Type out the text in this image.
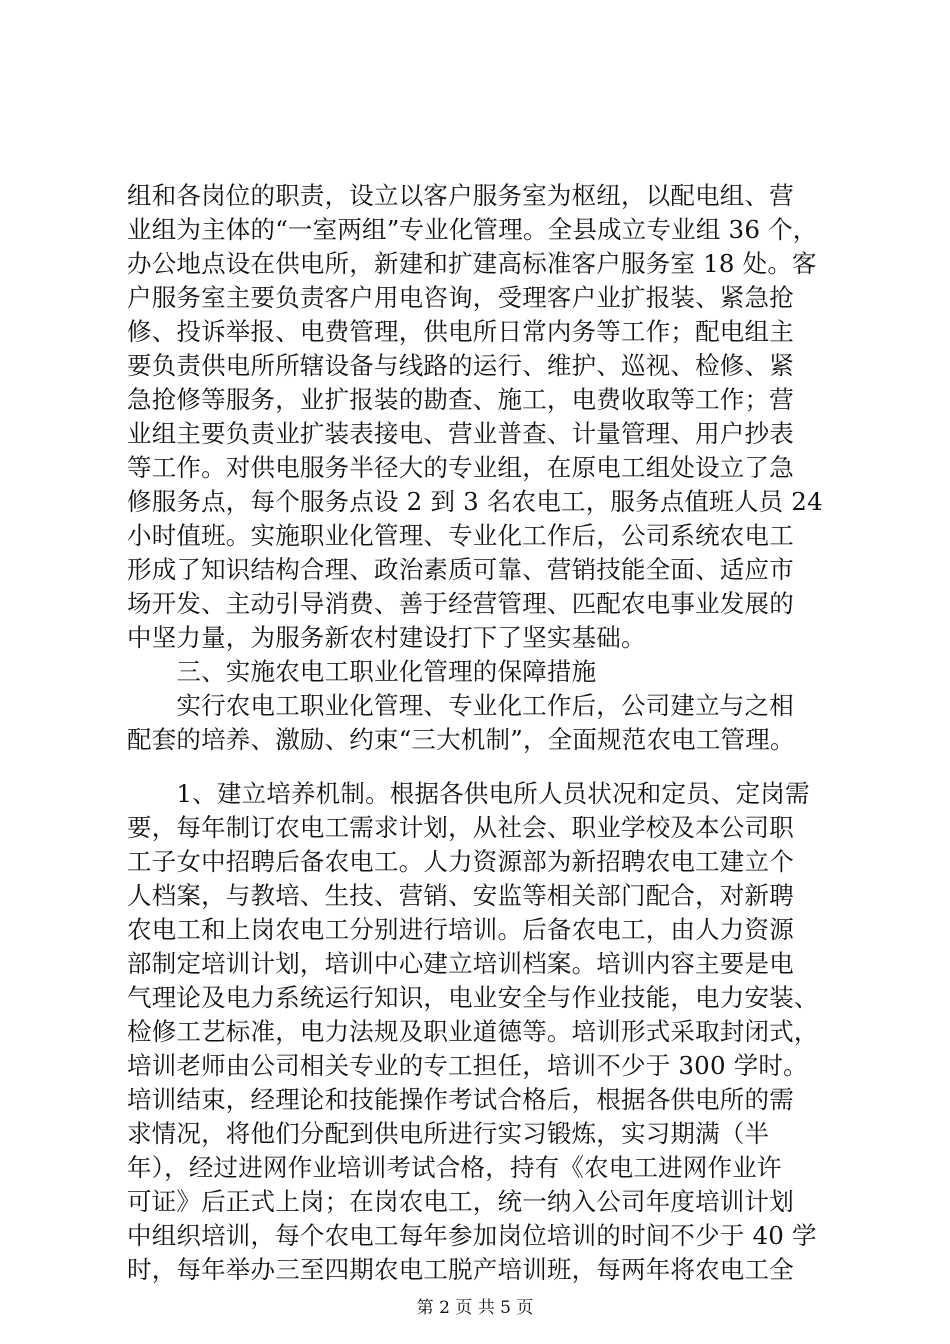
组和各岗位的职责，设立以客户服务室为枢纽，以配电组、营
业组为主体的“一室两组”专业化管理。全县成立专业组 36 个，
办公地点设在供电所，新建和扩建高标准客户服务室 18 处。客
户服务室主要负责客户用电咨询，受理客户业扩报装、紧急抢
修、投诉举报、电费管理，供电所日常内务等工作；配电组主
要负责供电所所辖设备与线路的运行、维护、巡视、检修、紧
急抢修等服务，业扩报装的勘查、施工，电费收取等工作；营
业组主要负责业扩装表接电、营业普查、计量管理、用户抄表
等工作。对供电服务半径大的专业组，在原电工组处设立了急
修服务点，每个服务点设 2 到 3 名农电工，服务点值班人员 24
小时值班。实施职业化管理、专业化工作后，公司系统农电工
形成了知识结构合理、政治素质可靠、营销技能全面、适应市
场开发、主动引导消费、善于经营管理、匹配农电事业发展的
中坚力量，为服务新农村建设打下了坚实基础。
　　三、实施农电工职业化管理的保障措施
　　实行农电工职业化管理、专业化工作后，公司建立与之相
配套的培养、激励、约束“三大机制”，全面规范农电工管理。
　　1、建立培养机制。根据各供电所人员状况和定员、定岗需
要，每年制订农电工需求计划，从社会、职业学校及本公司职
工子女中招聘后备农电工。人力资源部为新招聘农电工建立个
人档案，与教培、生技、营销、安监等相关部门配合，对新聘
农电工和上岗农电工分别进行培训。后备农电工，由人力资源
部制定培训计划，培训中心建立培训档案。培训内容主要是电
气理论及电力系统运行知识，电业安全与作业技能，电力安装、
检修工艺标准，电力法规及职业道德等。培训形式采取封闭式，
培训老师由公司相关专业的专工担任，培训不少于 300 学时。
培训结束，经理论和技能操作考试合格后，根据各供电所的需
求情况，将他们分配到供电所进行实习锻炼，实习期满（半
年），经过进网作业培训考试合格，持有《农电工进网作业许
可证》后正式上岗；在岗农电工，统一纳入公司年度培训计划
中组织培训，每个农电工每年参加岗位培训的时间不少于 40 学
时，每年举办三至四期农电工脱产培训班，每两年将农电工全
第 2 页 共 5 页
